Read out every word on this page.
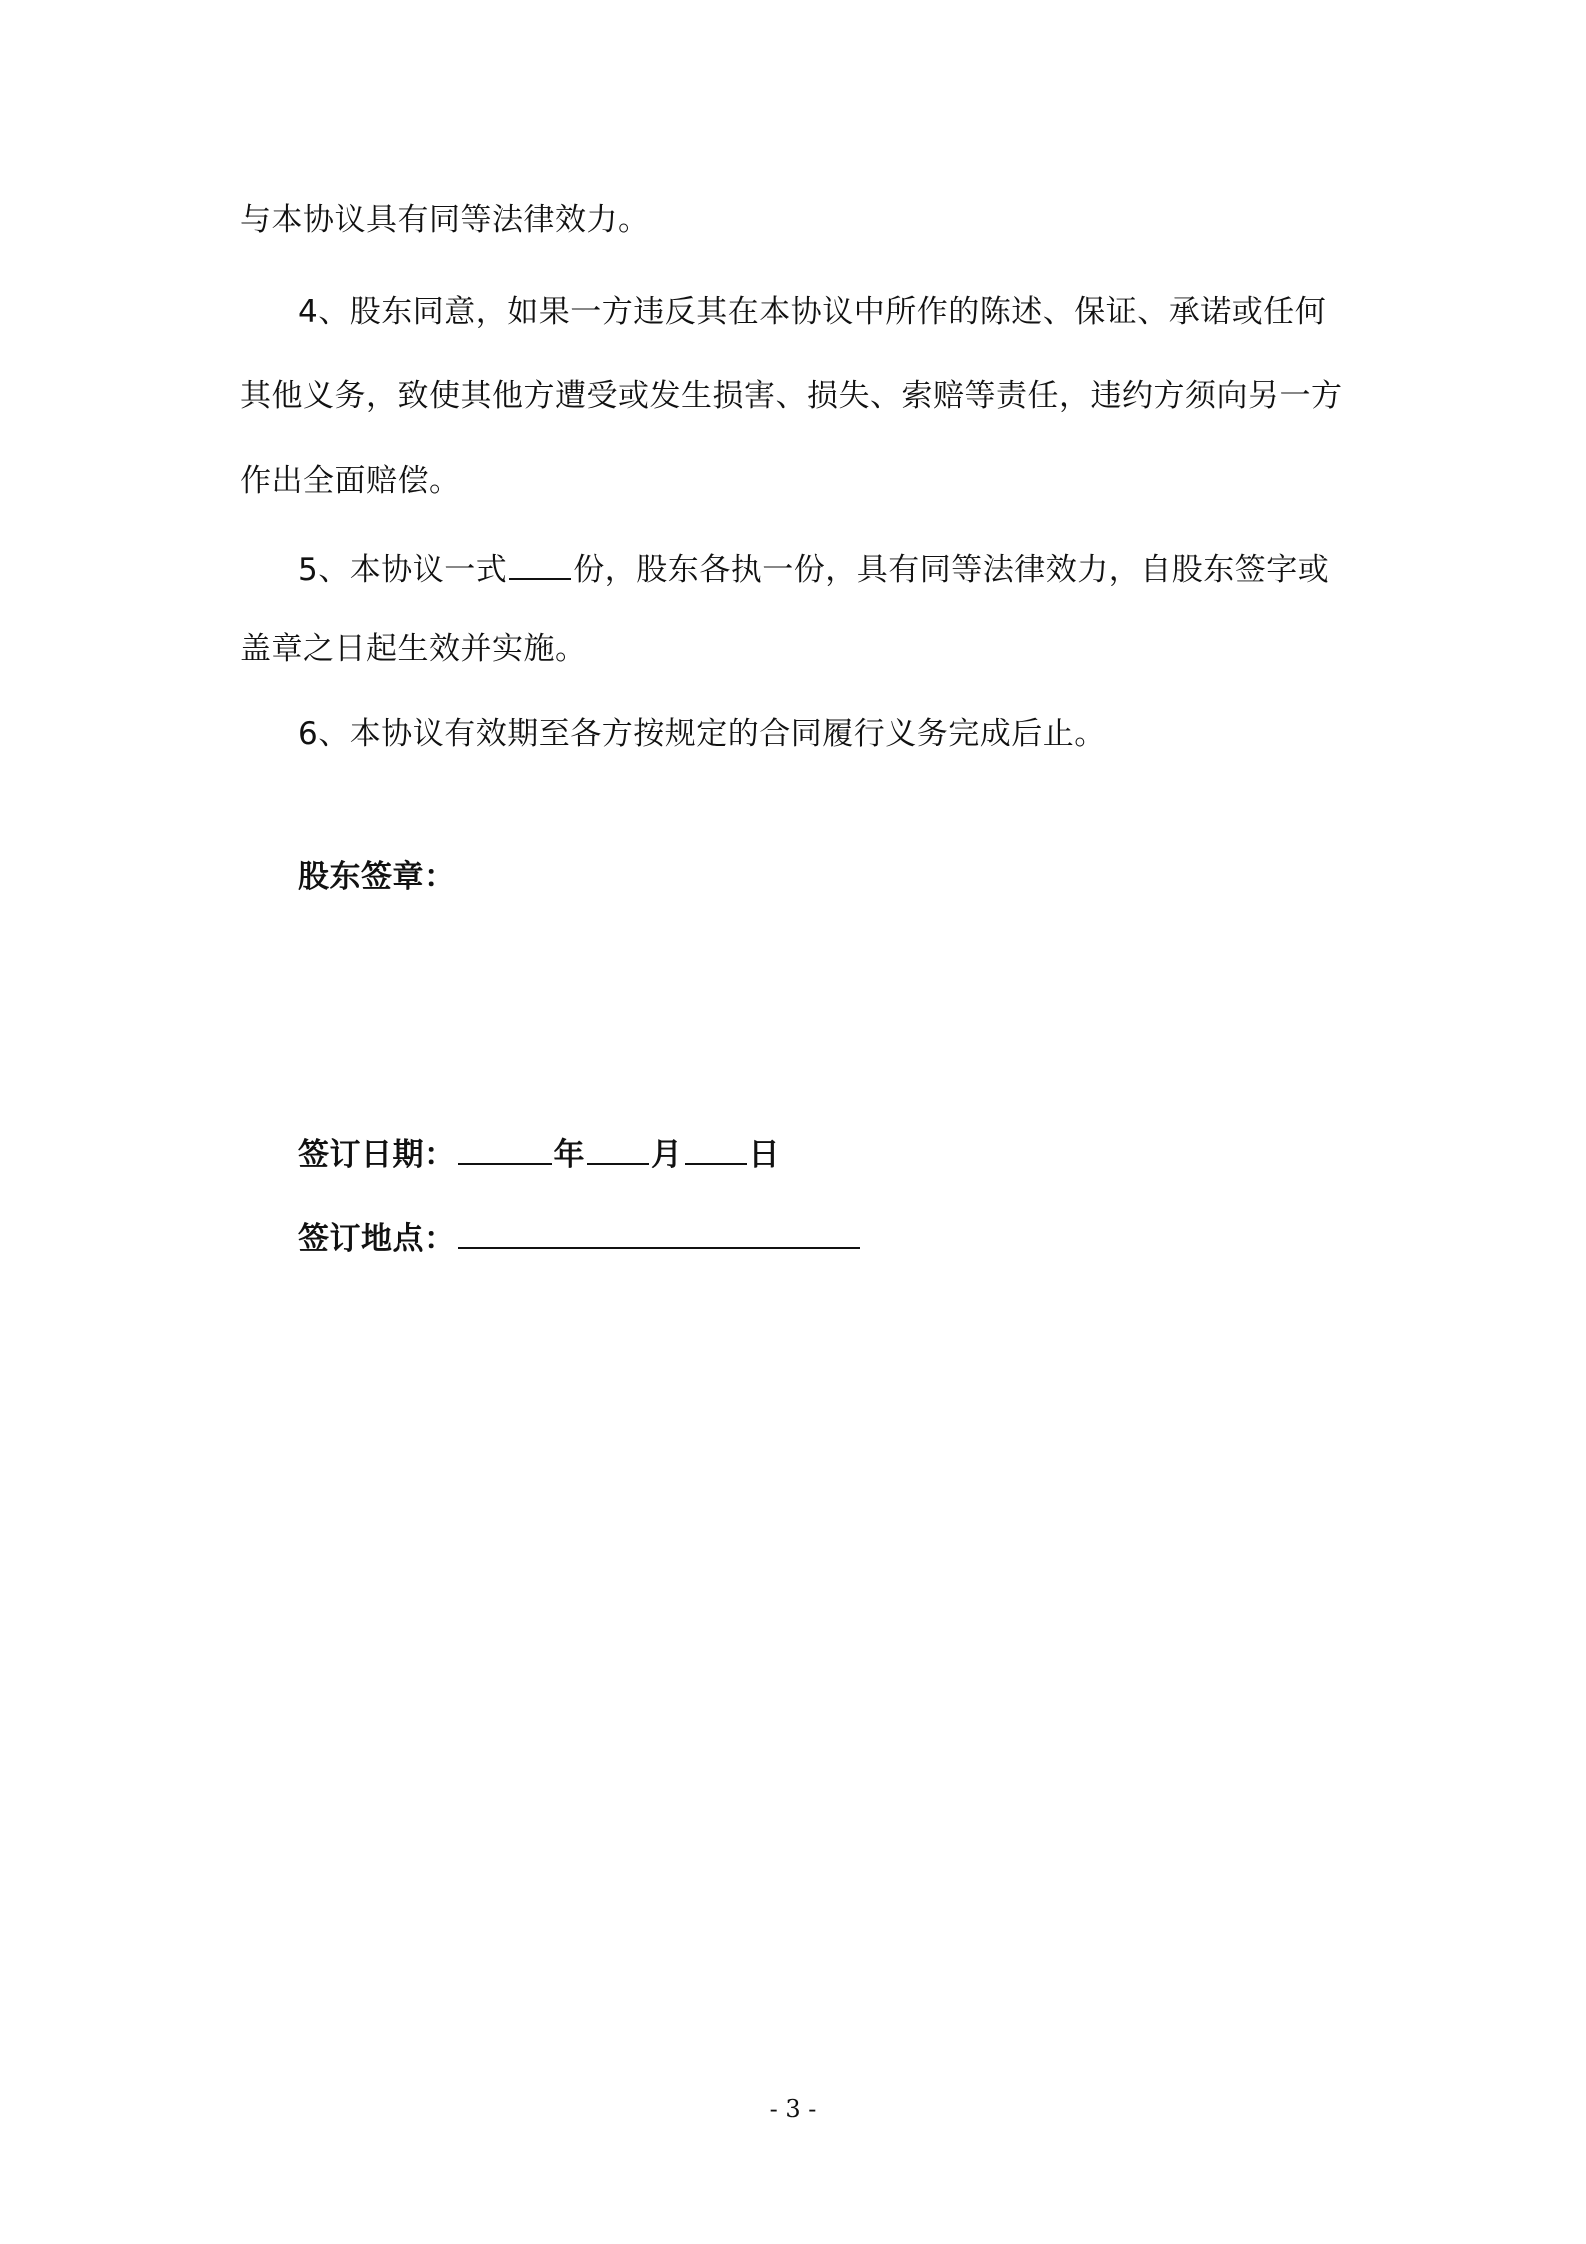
与本协议具有同等法律效力。
4、股东同意，如果一方违反其在本协议中所作的陈述、保证、承诺或任何
其他义务，致使其他方遭受或发生损害、损失、索赔等责任，违约方须向另一方
作出全面赔偿。
5、本协议一式 份，股东各执一份，具有同等法律效力，自股东签字或
盖章之日起生效并实施。
6、本协议有效期至各方按规定的合同履行义务完成后止。
股东签章：
签订日期：	年 月 日
签订地点：
- 3 -
